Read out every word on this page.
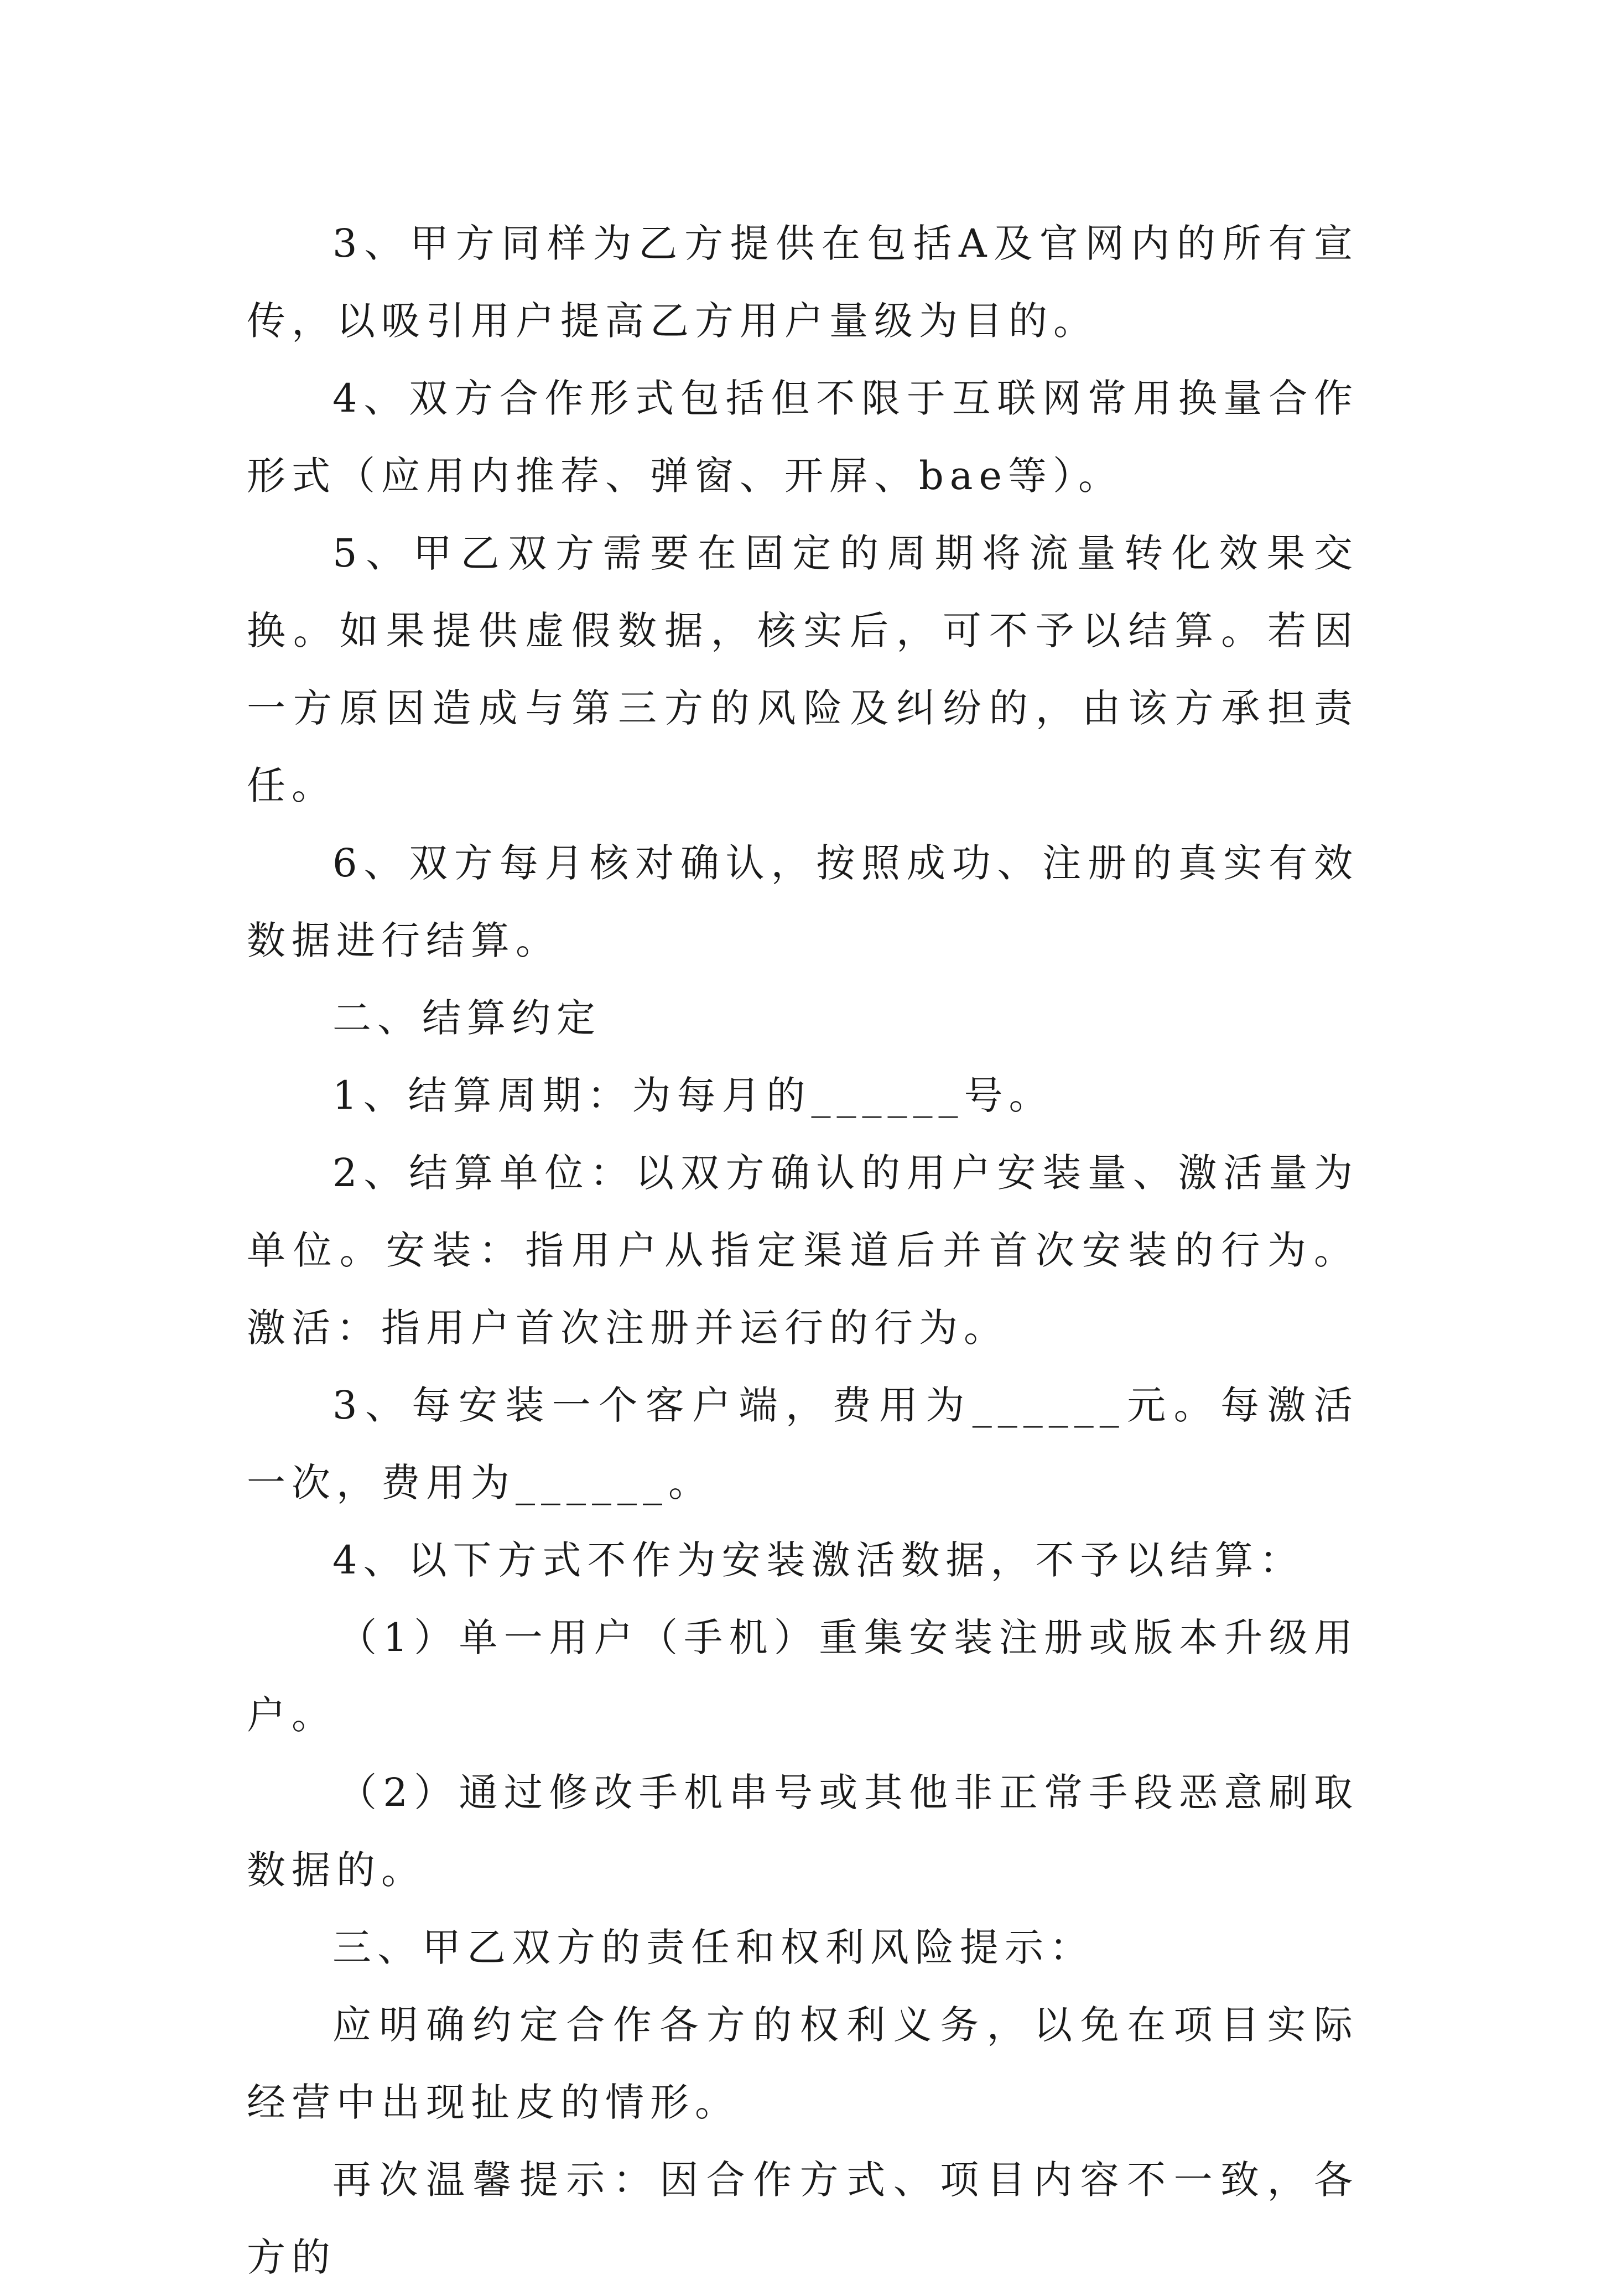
3、甲方同样为乙方提供在包括A及官网内的所有宣传，以吸引用户提高乙方用户量级为目的。

4、双方合作形式包括但不限于互联网常用换量合作形式（应用内推荐、弹窗、开屏、bae等）。

5、甲乙双方需要在固定的周期将流量转化效果交换。如果提供虚假数据，核实后，可不予以结算。若因一方原因造成与第三方的风险及纠纷的，由该方承担责任。

6、双方每月核对确认，按照成功、注册的真实有效数据进行结算。

二、结算约定

1、结算周期：为每月的______号。

2、结算单位：以双方确认的用户安装量、激活量为单位。安装：指用户从指定渠道后并首次安装的行为。激活：指用户首次注册并运行的行为。

3、每安装一个客户端，费用为______元。每激活一次，费用为______。

4、以下方式不作为安装激活数据，不予以结算：

（1）单一用户（手机）重集安装注册或版本升级用户。

（2）通过修改手机串号或其他非正常手段恶意刷取数据的。

三、甲乙双方的责任和权利风险提示：

应明确约定合作各方的权利义务，以免在项目实际经营中出现扯皮的情形。

再次温馨提示：因合作方式、项目内容不一致，各方的
